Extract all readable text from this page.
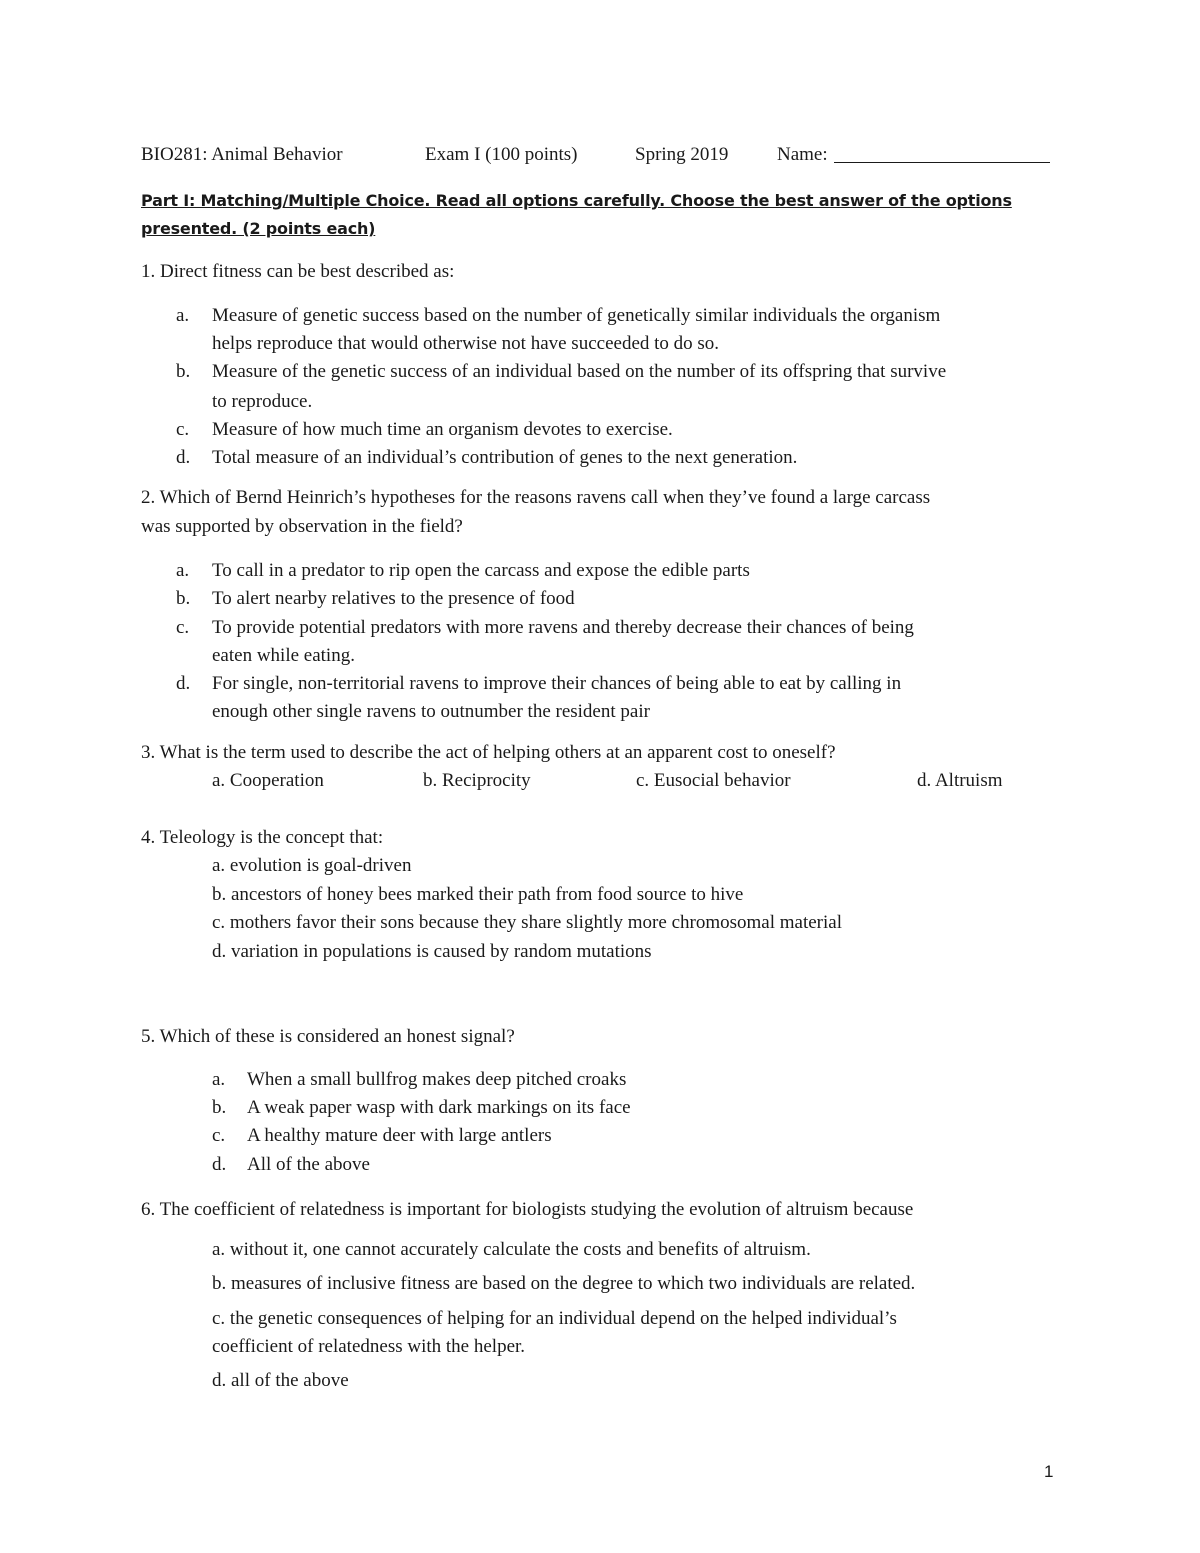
BIO281: Animal Behavior	Exam I (100 points)	Spring 2019	Name:
Part I: Matching/Multiple Choice. Read all options carefully. Choose the best answer of the options presented. (2 points each)
1. Direct fitness can be best described as:
a. Measure of genetic success based on the number of genetically similar individuals the organism
helps reproduce that would otherwise not have succeeded to do so.
b. Measure of the genetic success of an individual based on the number of its offspring that survive
to reproduce.
c. Measure of how much time an organism devotes to exercise.
d. Total measure of an individual’s contribution of genes to the next generation.
2. Which of Bernd Heinrich’s hypotheses for the reasons ravens call when they’ve found a large carcass
was supported by observation in the field?
a. To call in a predator to rip open the carcass and expose the edible parts
b. To alert nearby relatives to the presence of food
c. To provide potential predators with more ravens and thereby decrease their chances of being
eaten while eating.
d. For single, non-territorial ravens to improve their chances of being able to eat by calling in
enough other single ravens to outnumber the resident pair
3. What is the term used to describe the act of helping others at an apparent cost to oneself?
a. Cooperation	b. Reciprocity	c. Eusocial behavior	d. Altruism
4. Teleology is the concept that:
a. evolution is goal-driven
b. ancestors of honey bees marked their path from food source to hive
c. mothers favor their sons because they share slightly more chromosomal material
d. variation in populations is caused by random mutations
5. Which of these is considered an honest signal?
a. When a small bullfrog makes deep pitched croaks
b. A weak paper wasp with dark markings on its face
c. A healthy mature deer with large antlers
d. All of the above
6. The coefficient of relatedness is important for biologists studying the evolution of altruism because
a. without it, one cannot accurately calculate the costs and benefits of altruism.
b. measures of inclusive fitness are based on the degree to which two individuals are related.
c. the genetic consequences of helping for an individual depend on the helped individual’s
coefficient of relatedness with the helper.
d. all of the above
1
